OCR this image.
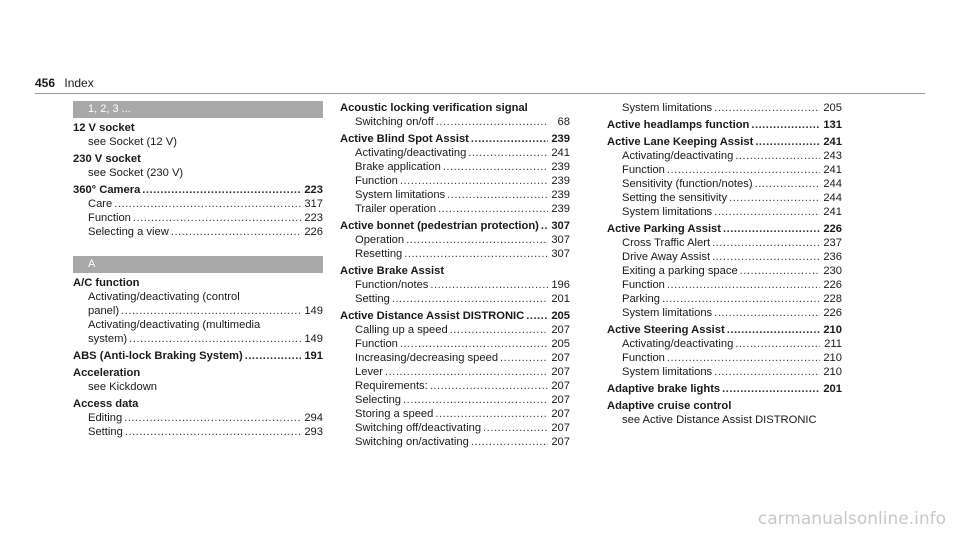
456 Index
1, 2, 3 ...
12 V socket
see Socket (12 V)
230 V socket
see Socket (230 V)
360° Camera .....	223
Care .....	317
Function .....	223
Selecting a view .....	226
A
A/C function
Activating/deactivating (control
panel) .....	149
Activating/deactivating (multimedia
system) .....	149
ABS (Anti-lock Braking System) .....	191
Acceleration
see Kickdown
Access data
Editing .....	294
Setting .....	293
Acoustic locking verification signal
Switching on/off .....	68
Active Blind Spot Assist .....	239
Activating/deactivating .....	241
Brake application .....	239
Function .....	239
System limitations .....	239
Trailer operation .....	239
Active bonnet (pedestrian protection) ..... 307
Operation .....	307
Resetting .....	307
Active Brake Assist
Function/notes .....	196
Setting .....	201
Active Distance Assist DISTRONIC ..... 205
Calling up a speed .....	207
Function .....	205
Increasing/decreasing speed .....	207
Lever .....	207
Requirements: .....	207
Selecting .....	207
Storing a speed .....	207
Switching off/deactivating .....	207
Switching on/activating .....	207
System limitations .....	205
Active headlamps function .....	131
Active Lane Keeping Assist .....	241
Activating/deactivating .....	243
Function .....	241
Sensitivity (function/notes) .....	244
Setting the sensitivity .....	244
System limitations .....	241
Active Parking Assist .....	226
Cross Traffic Alert .....	237
Drive Away Assist .....	236
Exiting a parking space .....	230
Function .....	226
Parking .....	228
System limitations .....	226
Active Steering Assist .....	210
Activating/deactivating .....	211
Function .....	210
System limitations .....	210
Adaptive brake lights .....	201
Adaptive cruise control
see Active Distance Assist DISTRONIC
carmanualsonline.info
